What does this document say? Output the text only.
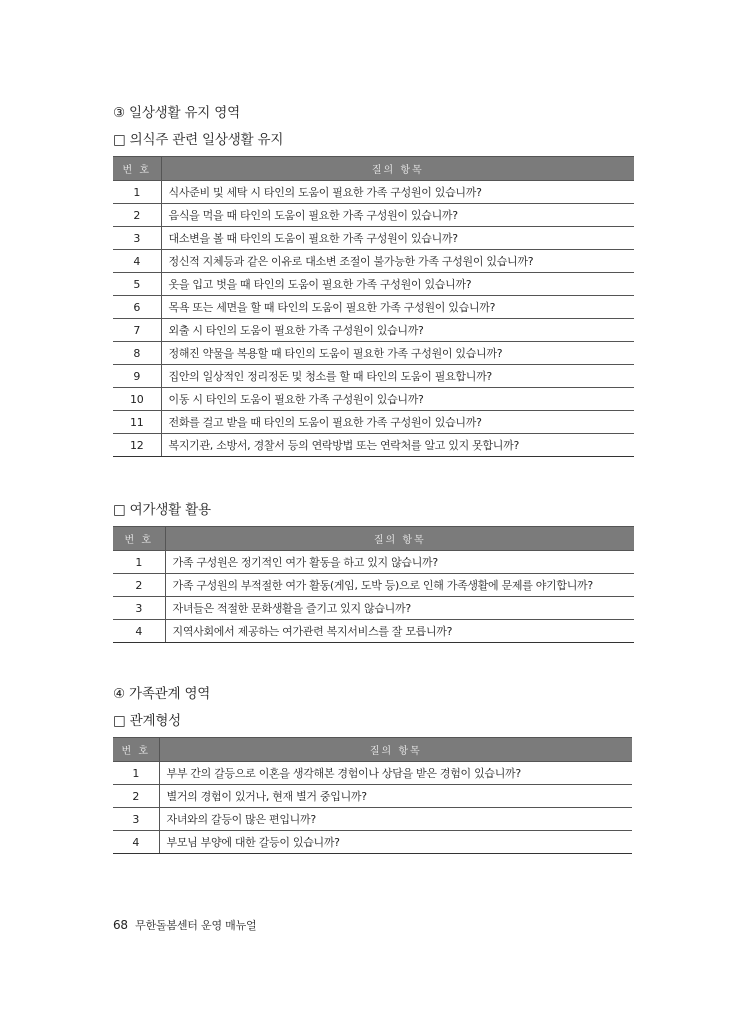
③ 일상생활 유지 영역
□ 의식주 관련 일상생활 유지
번 호	질의 항목
1	식사준비 및 세탁 시 타인의 도움이 필요한 가족 구성원이 있습니까?
2	음식을 먹을 때 타인의 도움이 필요한 가족 구성원이 있습니까?
3	대소변을 볼 때 타인의 도움이 필요한 가족 구성원이 있습니까?
4	정신적 지체등과 같은 이유로 대소변 조절이 불가능한 가족 구성원이 있습니까?
5	옷을 입고 벗을 때 타인의 도움이 필요한 가족 구성원이 있습니까?
6	목욕 또는 세면을 할 때 타인의 도움이 필요한 가족 구성원이 있습니까?
7	외출 시 타인의 도움이 필요한 가족 구성원이 있습니까?
8	정해진 약물을 복용할 때 타인의 도움이 필요한 가족 구성원이 있습니까?
9	집안의 일상적인 정리정돈 및 청소를 할 때 타인의 도움이 필요합니까?
10	이동 시 타인의 도움이 필요한 가족 구성원이 있습니까?
11	전화를 걸고 받을 때 타인의 도움이 필요한 가족 구성원이 있습니까?
12	복지기관, 소방서, 경찰서 등의 연락방법 또는 연락처를 알고 있지 못합니까?
□ 여가생활 활용
번 호	질의 항목
1	가족 구성원은 정기적인 여가 활동을 하고 있지 않습니까?
2	가족 구성원의 부적절한 여가 활동(게임, 도박 등)으로 인해 가족생활에 문제를 야기합니까?
3	자녀들은 적절한 문화생활을 즐기고 있지 않습니까?
4	지역사회에서 제공하는 여가관련 복지서비스를 잘 모릅니까?
④ 가족관계 영역
□ 관계형성
번 호	질의 항목
1	부부 간의 갈등으로 이혼을 생각해본 경험이나 상담을 받은 경험이 있습니까?
2	별거의 경험이 있거나, 현재 별거 중입니까?
3	자녀와의 갈등이 많은 편입니까?
4	부모님 부양에 대한 갈등이 있습니까?
68 무한돌봄센터 운영 매뉴얼
